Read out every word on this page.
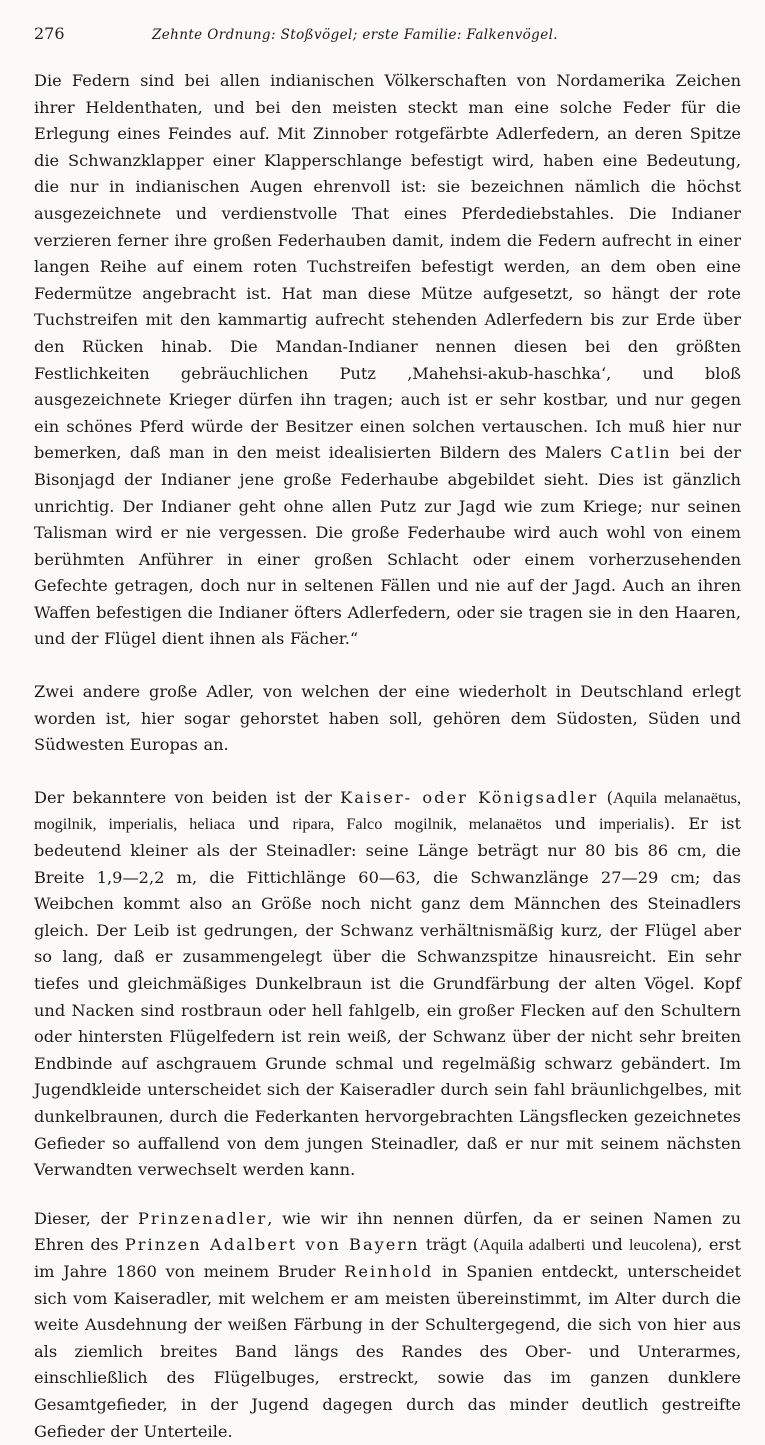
276	Zehnte Ordnung: Stoßvögel; erste Familie: Falkenvögel.

Die Federn sind bei allen indianischen Völkerschaften von Nordamerika Zeichen ihrer Heldenthaten, und bei den meisten steckt man eine solche Feder für die Erlegung eines Feindes auf. Mit Zinnober rotgefärbte Adlerfedern, an deren Spitze die Schwanzklapper einer Klapperschlange befestigt wird, haben eine Bedeutung, die nur in indianischen Augen ehrenvoll ist: sie bezeichnen nämlich die höchst ausgezeichnete und verdienstvolle That eines Pferdediebstahles. Die Indianer verzieren ferner ihre großen Federhauben damit, indem die Federn aufrecht in einer langen Reihe auf einem roten Tuchstreifen befestigt werden, an dem oben eine Federmütze angebracht ist. Hat man diese Mütze aufgesetzt, so hängt der rote Tuchstreifen mit den kammartig aufrecht stehenden Adlerfedern bis zur Erde über den Rücken hinab. Die Mandan-Indianer nennen diesen bei den größten Festlichkeiten gebräuchlichen Putz ‚Mahehsi-akub-haschka‘, und bloß ausgezeichnete Krieger dürfen ihn tragen; auch ist er sehr kostbar, und nur gegen ein schönes Pferd würde der Besitzer einen solchen vertauschen. Ich muß hier nur bemerken, daß man in den meist idealisierten Bildern des Malers Catlin bei der Bisonjagd der Indianer jene große Federhaube abgebildet sieht. Dies ist gänzlich unrichtig. Der Indianer geht ohne allen Putz zur Jagd wie zum Kriege; nur seinen Talisman wird er nie vergessen. Die große Federhaube wird auch wohl von einem berühmten Anführer in einer großen Schlacht oder einem vorherzusehenden Gefechte getragen, doch nur in seltenen Fällen und nie auf der Jagd. Auch an ihren Waffen befestigen die Indianer öfters Adlerfedern, oder sie tragen sie in den Haaren, und der Flügel dient ihnen als Fächer.“

Zwei andere große Adler, von welchen der eine wiederholt in Deutschland erlegt worden ist, hier sogar gehorstet haben soll, gehören dem Südosten, Süden und Südwesten Europas an.

Der bekanntere von beiden ist der Kaiser- oder Königsadler (Aquila melanaëtus, mogilnik, imperialis, heliaca und ripara, Falco mogilnik, melanaëtos und imperialis). Er ist bedeutend kleiner als der Steinadler: seine Länge beträgt nur 80 bis 86 cm, die Breite 1,9—2,2 m, die Fittichlänge 60—63, die Schwanzlänge 27—29 cm; das Weibchen kommt also an Größe noch nicht ganz dem Männchen des Steinadlers gleich. Der Leib ist gedrungen, der Schwanz verhältnismäßig kurz, der Flügel aber so lang, daß er zusammengelegt über die Schwanzspitze hinausreicht. Ein sehr tiefes und gleichmäßiges Dunkelbraun ist die Grundfärbung der alten Vögel. Kopf und Nacken sind rostbraun oder hell fahlgelb, ein großer Flecken auf den Schultern oder hintersten Flügelfedern ist rein weiß, der Schwanz über der nicht sehr breiten Endbinde auf aschgrauem Grunde schmal und regelmäßig schwarz gebändert. Im Jugendkleide unterscheidet sich der Kaiseradler durch sein fahl bräunlichgelbes, mit dunkelbraunen, durch die Federkanten hervorgebrachten Längsflecken gezeichnetes Gefieder so auffallend von dem jungen Steinadler, daß er nur mit seinem nächsten Verwandten verwechselt werden kann.

Dieser, der Prinzenadler, wie wir ihn nennen dürfen, da er seinen Namen zu Ehren des Prinzen Adalbert von Bayern trägt (Aquila adalberti und leucolena), erst im Jahre 1860 von meinem Bruder Reinhold in Spanien entdeckt, unterscheidet sich vom Kaiseradler, mit welchem er am meisten übereinstimmt, im Alter durch die weite Ausdehnung der weißen Färbung in der Schultergegend, die sich von hier aus als ziemlich breites Band längs des Randes des Ober- und Unterarmes, einschließlich des Flügelbuges, erstreckt, sowie das im ganzen dunklere Gesamtgefieder, in der Jugend dagegen durch das minder deutlich gestreifte Gefieder der Unterteile.
